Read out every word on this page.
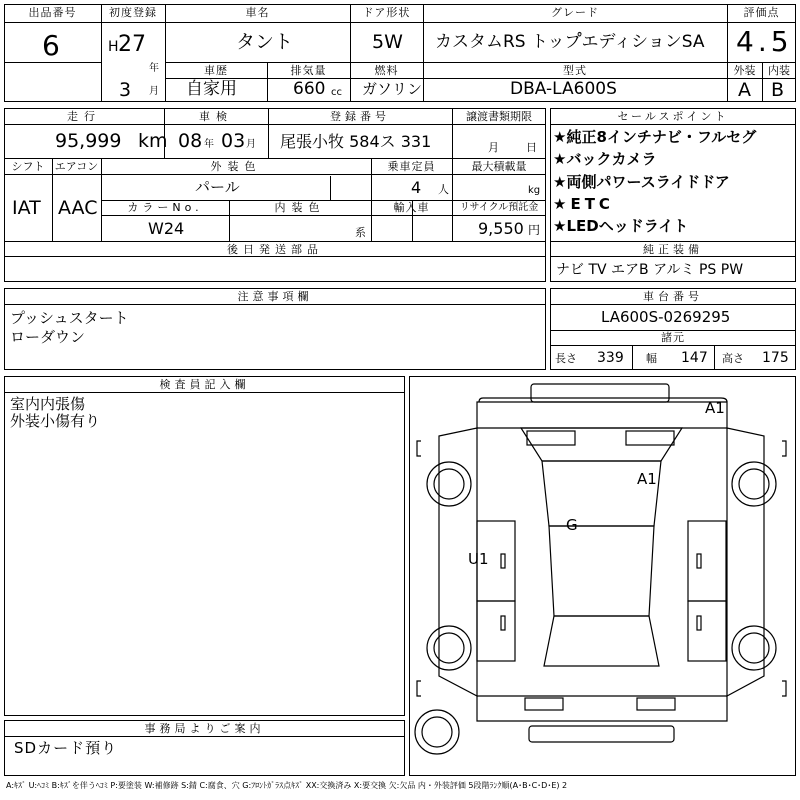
出品番号
6
初度登録
H 27
年
3 月
車名
タント
ドア形状
5W
グレード
カスタムRS トップ゚エディションSA
評価点
4.5
車歴
自家用
排気量
660 cc
燃料
ガソリン
型式
DBA-LA600S
外装	内装
A B
走行
95,999 km
車検
08 年 03 月
登録番号
尾張小牧 584ス 331
譲渡書類期限
月 日
シフト
IAT
エアコン
AAC
外装色
パール
乗車定員
4 人
最大積載量
kg
カラーNo.
W24
内装色
系
輸入車	リサイクル預託金
9,550 円
後日発送部品
セールスポイント
★純正8インチナビ・フルセグ
★バックカメラ
★両側パワースライドドア
★ETC
★LEDヘッドライト
純正装備
ナビ TV エアB アルミ PS PW
注意事項欄
プッシュスタート
ローダウン
車台番号
LA600S-0269295
諸元
長さ 339 幅 147 高さ 175
検査員記入欄
室内内張傷
外装小傷有り
事務局よりご案内
SDカード預り
A1
A1
G
U1
A:ｷｽﾞ U:ﾍｺﾐ B:ｷｽﾞを伴うﾍｺﾐ P:要塗装 W:補修跡 S:錆 C:腐食、穴 G:ﾌﾛﾝﾄｶﾞﾗｽ点ｷｽﾞ XX:交換済み X:要交換 欠:欠品 内・外装評価 5段階ﾗﾝｸ順(A･B･C･D･E) 2
